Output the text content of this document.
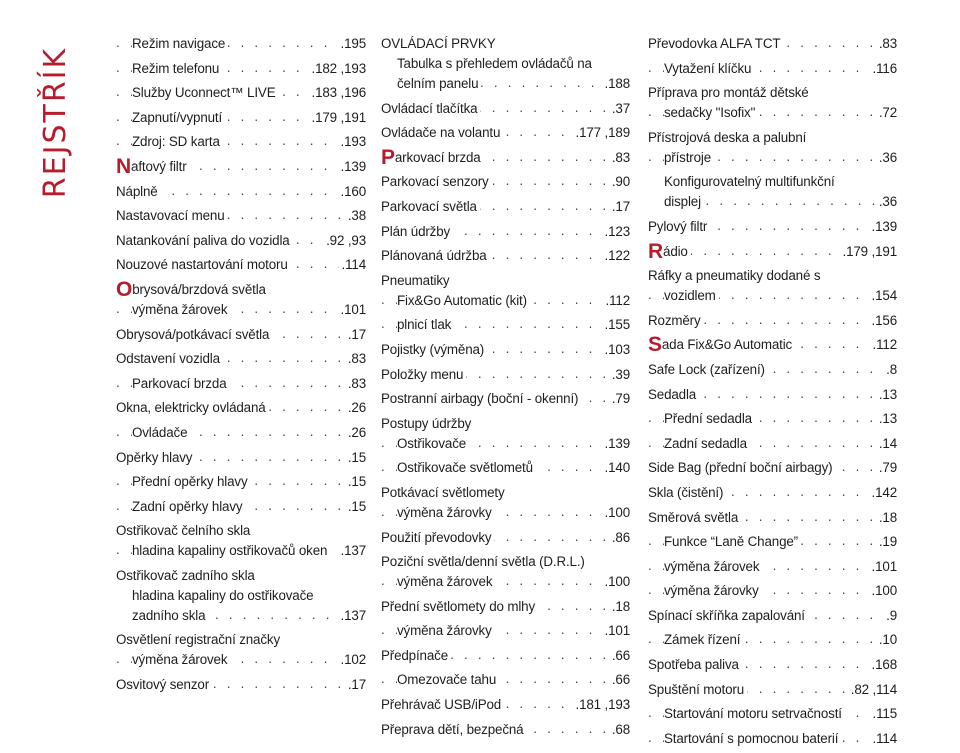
REJSTŘÍK
Režim navigace . . .	.195
Režim telefonu . . .	.182 ,193
Služby Uconnect™ LIVE . . .	.183 ,196
Zapnutí/vypnutí . . .	.179 ,191
Zdroj: SD karta . . .	.193
Naftový filtr . . .	.139
Náplně . . .	.160
Nastavovací menu . . .	.38
Natankování paliva do vozidla . . .	.92 ,93
Nouzové nastartování motoru . . .	.114
Obrysová/brzdová světla
výměna žárovek . . .	.101
Obrysová/potkávací světla . . .	.17
Odstavení vozidla . . .	.83
Parkovací brzda . . .	.83
Okna, elektricky ovládaná . . .	.26
Ovládače . . .	.26
Opěrky hlavy . . .	.15
Přední opěrky hlavy . . .	.15
Zadní opěrky hlavy . . .	.15
Ostřikovač čelního skla
hladina kapaliny ostřikovačů oken . . . .137
Ostřikovač zadního skla
hladina kapaliny do ostřikovače
zadního skla . . .	.137
Osvětlení registrační značky
výměna žárovek . . .	.102
Osvitový senzor . . .	.17
OVLÁDACÍ PRVKY
Tabulka s přehledem ovládačů na
čelním panelu . . .	.188
Ovládací tlačítka . . .	.37
Ovládače na volantu . . .	.177 ,189
Parkovací brzda . . .	.83
Parkovací senzory . . .	.90
Parkovací světla . . .	.17
Plán údržby . . .	.123
Plánovaná údržba . . .	.122
Pneumatiky
Fix&Go Automatic (kit) . . .	.112
plnicí tlak . . .	.155
Pojistky (výměna) . . .	.103
Položky menu . . .	.39
Postranní airbagy (boční - okenní) . . . .79
Postupy údržby
Ostřikovače . . .	.139
Ostřikovače světlometů . . .	.140
Potkávací světlomety
výměna žárovky . . .	.100
Použití převodovky . . .	.86
Poziční světla/denní světla (D.R.L.)
výměna žárovek . . .	.100
Přední světlomety do mlhy . . .	.18
výměna žárovky . . .	.101
Předpínače . . .	.66
Omezovače tahu . . .	.66
Přehrávač USB/iPod . . .	.181 ,193
Přeprava dětí, bezpečná . . .	.68
Převodovka ALFA TCT . . .	.83
Vytažení klíčku . . .	.116
Příprava pro montáž dětské
sedačky "Isofix" . . .	.72
Přístrojová deska a palubní
přístroje . . .	.36
Konfigurovatelný multifunkční
displej . . .	.36
Pylový filtr . . .	.139
Rádio . . .	.179 ,191
Ráfky a pneumatiky dodané s
vozidlem . . .	.154
Rozměry . . .	.156
Sada Fix&Go Automatic . . .	.112
Safe Lock (zařízení) . . .	.8
Sedadla . . .	.13
Přední sedadla . . .	.13
Zadní sedadla . . .	.14
Side Bag (přední boční airbagy) . . .	.79
Skla (čistění) . . .	.142
Směrová světla . . .	.18
Funkce “Laně Change” . . .	.19
výměna žárovek . . .	.101
výměna žárovky . . .	.100
Spínací skříňka zapalování . . .	.9
Zámek řízení . . .	.10
Spotřeba paliva . . .	.168
Spuštění motoru . . .	.82 ,114
Startování motoru setrvačností . . . .115
Startování s pomocnou baterií . . .	.114
